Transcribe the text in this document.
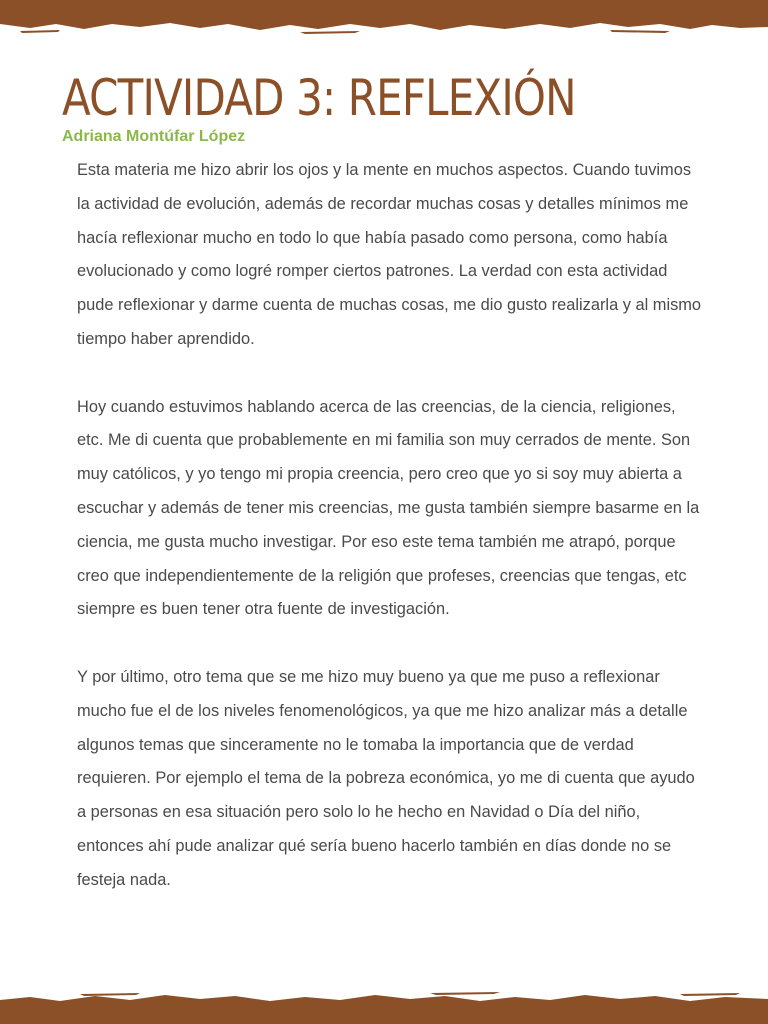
ACTIVIDAD 3: REFLEXIÓN
Adriana Montúfar López

Esta materia me hizo abrir los ojos y la mente en muchos aspectos. Cuando tuvimos la actividad de evolución, además de recordar muchas cosas y detalles mínimos me hacía reflexionar mucho en todo lo que había pasado como persona, como había evolucionado y como logré romper ciertos patrones. La verdad con esta actividad pude reflexionar y darme cuenta de muchas cosas, me dio gusto realizarla y al mismo tiempo haber aprendido.

Hoy cuando estuvimos hablando acerca de las creencias, de la ciencia, religiones, etc. Me di cuenta que probablemente en mi familia son muy cerrados de mente. Son muy católicos, y yo tengo mi propia creencia, pero creo que yo si soy muy abierta a escuchar y además de tener mis creencias, me gusta también siempre basarme en la ciencia, me gusta mucho investigar. Por eso este tema también me atrapó, porque creo que independientemente de la religión que profeses, creencias que tengas, etc siempre es buen tener otra fuente de investigación.

Y por último, otro tema que se me hizo muy bueno ya que me puso a reflexionar mucho fue el de los niveles fenomenológicos, ya que me hizo analizar más a detalle algunos temas que sinceramente no le tomaba la importancia que de verdad requieren. Por ejemplo el tema de la pobreza económica, yo me di cuenta que ayudo a personas en esa situación pero solo lo he hecho en Navidad o Día del niño, entonces ahí pude analizar qué sería bueno hacerlo también en días donde no se festeja nada.
